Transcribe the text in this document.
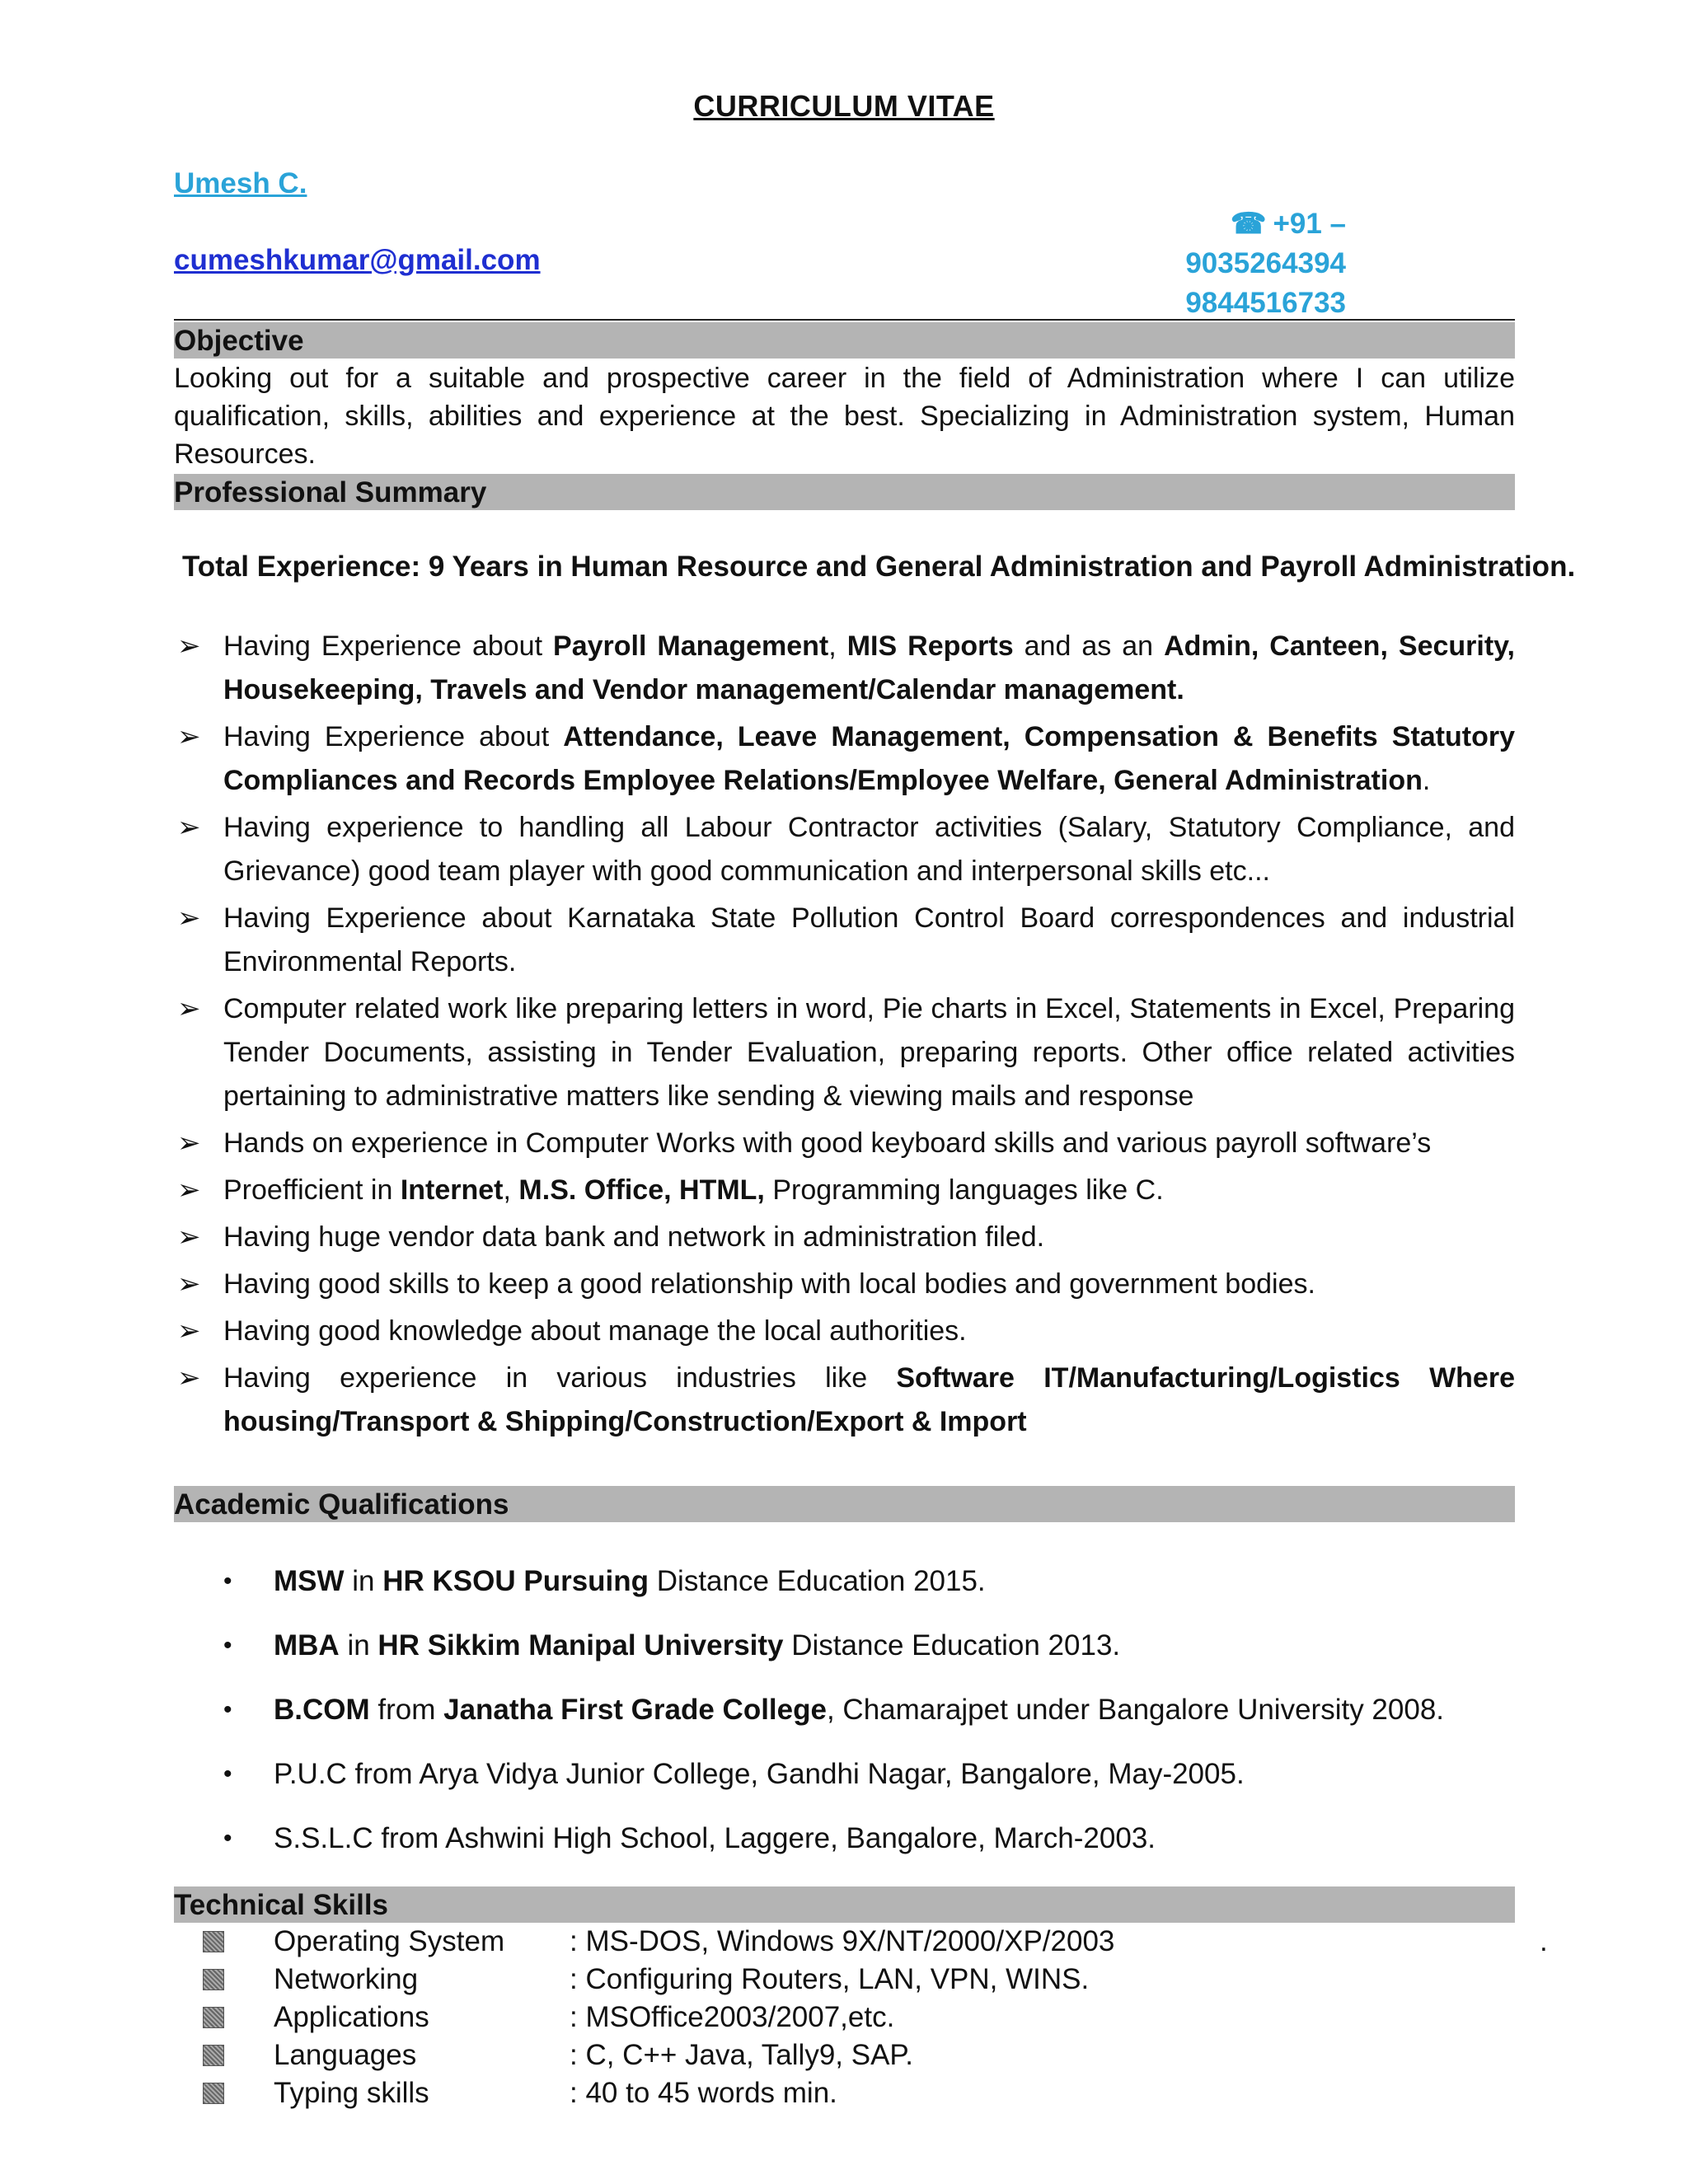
CURRICULUM VITAE
Umesh C.
☎ +91 – 9035264394
9844516733
cumeshkumar@gmail.com
Objective
Looking out for a suitable and prospective career in the field of Administration where I can utilize qualification, skills, abilities and experience at the best. Specializing in Administration system, Human Resources.
Professional Summary
Total Experience: 9 Years in Human Resource and General Administration and Payroll Administration.
➢ Having Experience about Payroll Management, MIS Reports and as an Admin, Canteen, Security, Housekeeping, Travels and Vendor management/Calendar management.
➢ Having Experience about Attendance, Leave Management, Compensation & Benefits Statutory Compliances and Records Employee Relations/Employee Welfare, General Administration.
➢ Having experience to handling all Labour Contractor activities (Salary, Statutory Compliance, and Grievance) good team player with good communication and interpersonal skills etc...
➢ Having Experience about Karnataka State Pollution Control Board correspondences and industrial Environmental Reports.
➢ Computer related work like preparing letters in word, Pie charts in Excel, Statements in Excel, Preparing Tender Documents, assisting in Tender Evaluation, preparing reports. Other office related activities pertaining to administrative matters like sending & viewing mails and response
➢ Hands on experience in Computer Works with good keyboard skills and various payroll software’s
➢ Proefficient in Internet, M.S. Office, HTML, Programming languages like C.
➢ Having huge vendor data bank and network in administration filed.
➢ Having good skills to keep a good relationship with local bodies and government bodies.
➢ Having good knowledge about manage the local authorities.
➢ Having experience in various industries like Software IT/Manufacturing/Logistics Where housing/Transport & Shipping/Construction/Export & Import
Academic Qualifications
• MSW in HR KSOU Pursuing Distance Education 2015.
• MBA in HR Sikkim Manipal University Distance Education 2013.
• B.COM from Janatha First Grade College, Chamarajpet under Bangalore University 2008.
• P.U.C from Arya Vidya Junior College, Gandhi Nagar, Bangalore, May-2005.
• S.S.L.C from Ashwini High School, Laggere, Bangalore, March-2003.
Technical Skills
Operating System : MS-DOS, Windows 9X/NT/2000/XP/2003	.
Networking	: Configuring Routers, LAN, VPN, WINS.
Applications	: MSOffice2003/2007,etc.
Languages	: C, C++ Java, Tally9, SAP.
Typing skills	: 40 to 45 words min.
